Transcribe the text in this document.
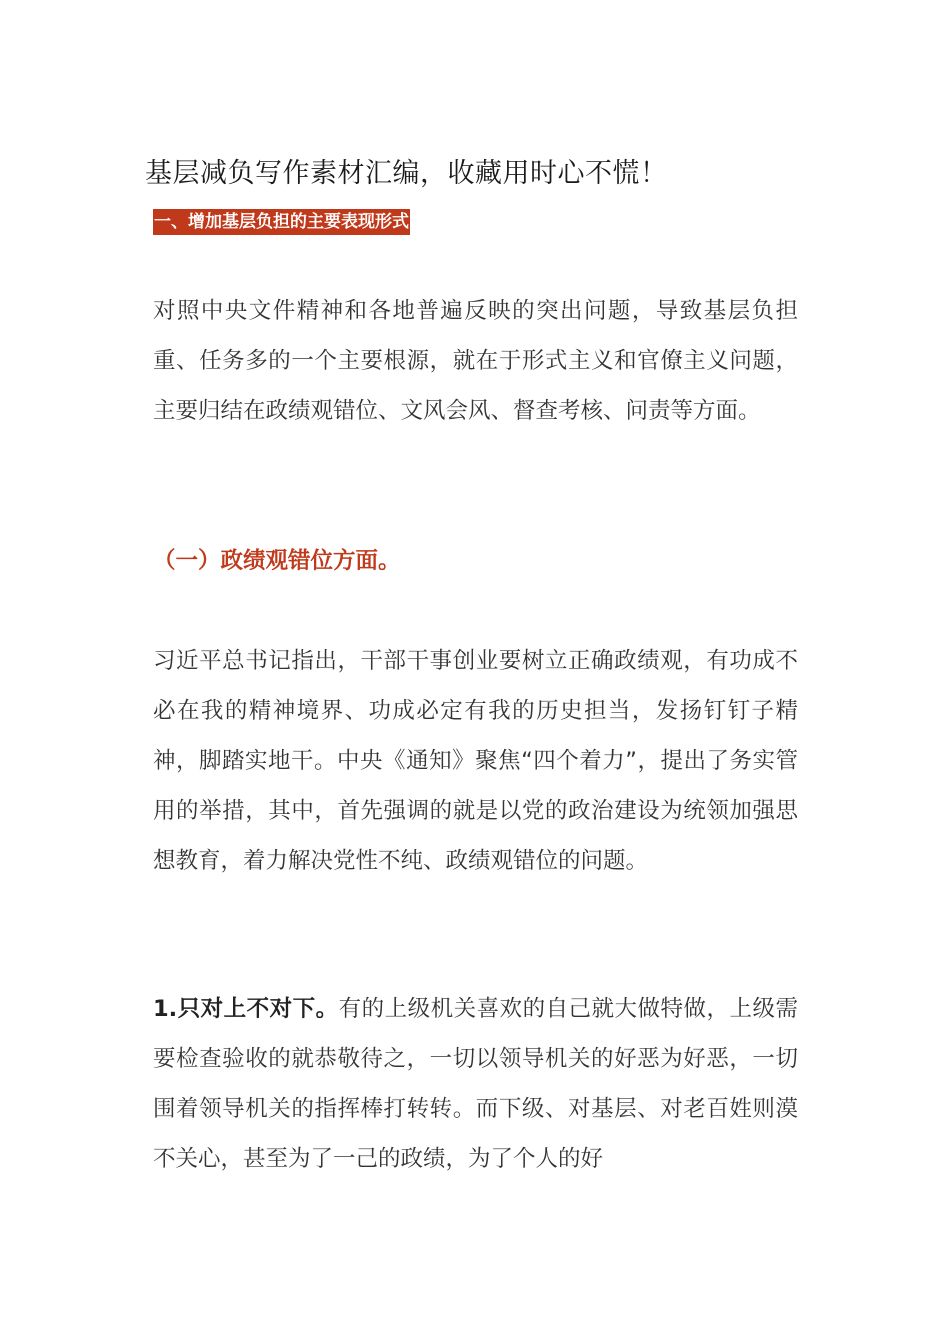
基层减负写作素材汇编，收藏用时心不慌！
一、增加基层负担的主要表现形式

对照中央文件精神和各地普遍反映的突出问题，导致基层负担重、任务多的一个主要根源，就在于形式主义和官僚主义问题，主要归结在政绩观错位、文风会风、督查考核、问责等方面。

（一）政绩观错位方面。

习近平总书记指出，干部干事创业要树立正确政绩观，有功成不必在我的精神境界、功成必定有我的历史担当，发扬钉钉子精神，脚踏实地干。中央《通知》聚焦“四个着力”，提出了务实管用的举措，其中，首先强调的就是以党的政治建设为统领加强思想教育，着力解决党性不纯、政绩观错位的问题。

1.只对上不对下。有的上级机关喜欢的自己就大做特做，上级需要检查验收的就恭敬待之，一切以领导机关的好恶为好恶，一切围着领导机关的指挥棒打转转。而下级、对基层、对老百姓则漠不关心，甚至为了一己的政绩，为了个人的好
